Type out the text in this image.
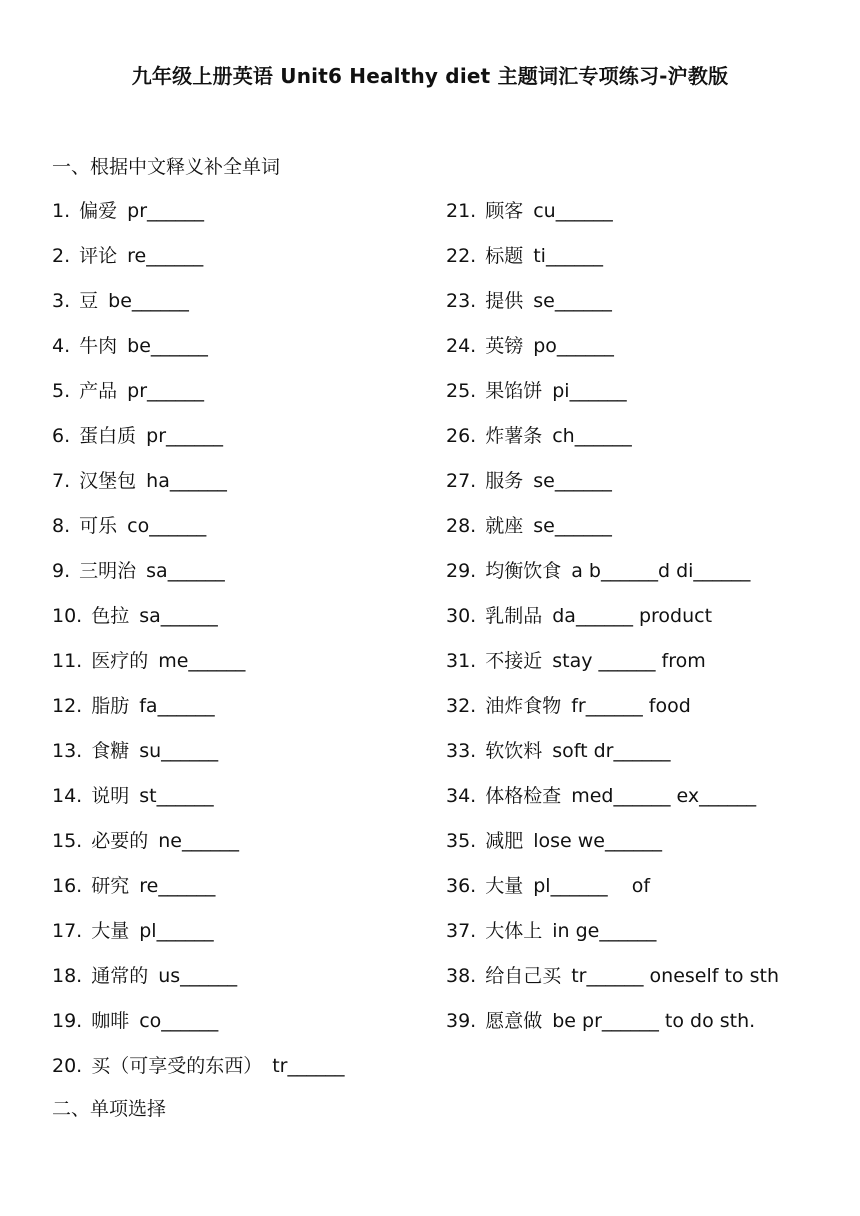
九年级上册英语 Unit6 Healthy diet 主题词汇专项练习-沪教版
一、根据中文释义补全单词
1. 偏爱 pr______
2. 评论 re______
3. 豆 be______
4. 牛肉 be______
5. 产品 pr______
6. 蛋白质 pr______
7. 汉堡包 ha______
8. 可乐 co______
9. 三明治 sa______
10. 色拉 sa______
11. 医疗的 me______
12. 脂肪 fa______
13. 食糖 su______
14. 说明 st______
15. 必要的 ne______
16. 研究 re______
17. 大量 pl______
18. 通常的 us______
19. 咖啡 co______
20. 买（可享受的东西） tr______
21. 顾客 cu______
22. 标题 ti______
23. 提供 se______
24. 英镑 po______
25. 果馅饼 pi______
26. 炸薯条 ch______
27. 服务 se______
28. 就座 se______
29. 均衡饮食 a b______d di______
30. 乳制品 da______ product
31. 不接近 stay ______ from
32. 油炸食物 fr______ food
33. 软饮料 soft dr______
34. 体格检查 med______ ex______
35. 减肥 lose we______
36. 大量 pl______    of
37. 大体上 in ge______
38. 给自己买 tr______ oneself to sth
39. 愿意做 be pr______ to do sth.
二、单项选择
